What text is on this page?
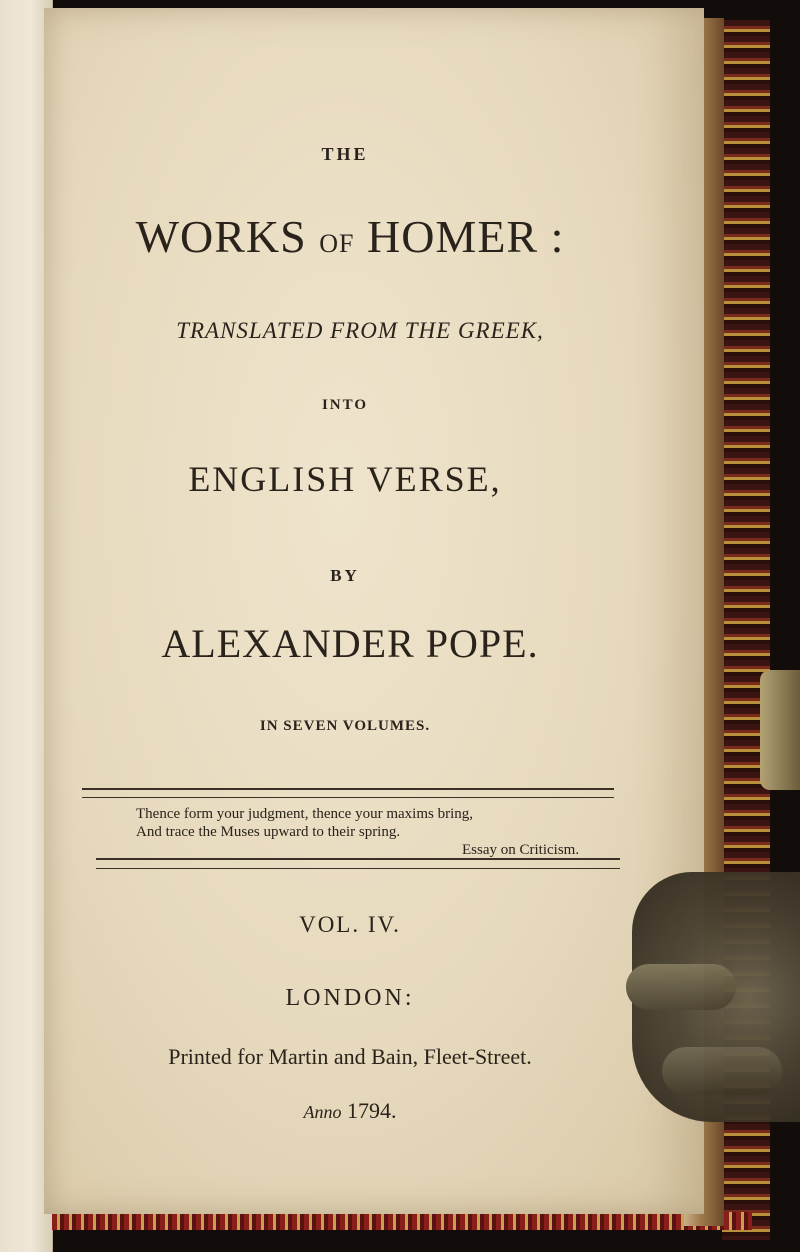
THE
WORKS OF HOMER :
TRANSLATED FROM THE GREEK,
INTO
ENGLISH VERSE,
BY
ALEXANDER POPE.
IN SEVEN VOLUMES.
Thence form your judgment, thence your maxims bring,
And trace the Muses upward to their spring.
Essay on Criticism.
VOL. IV.
LONDON:
Printed for Martin and Bain, Fleet-Street.
Anno 1794.
